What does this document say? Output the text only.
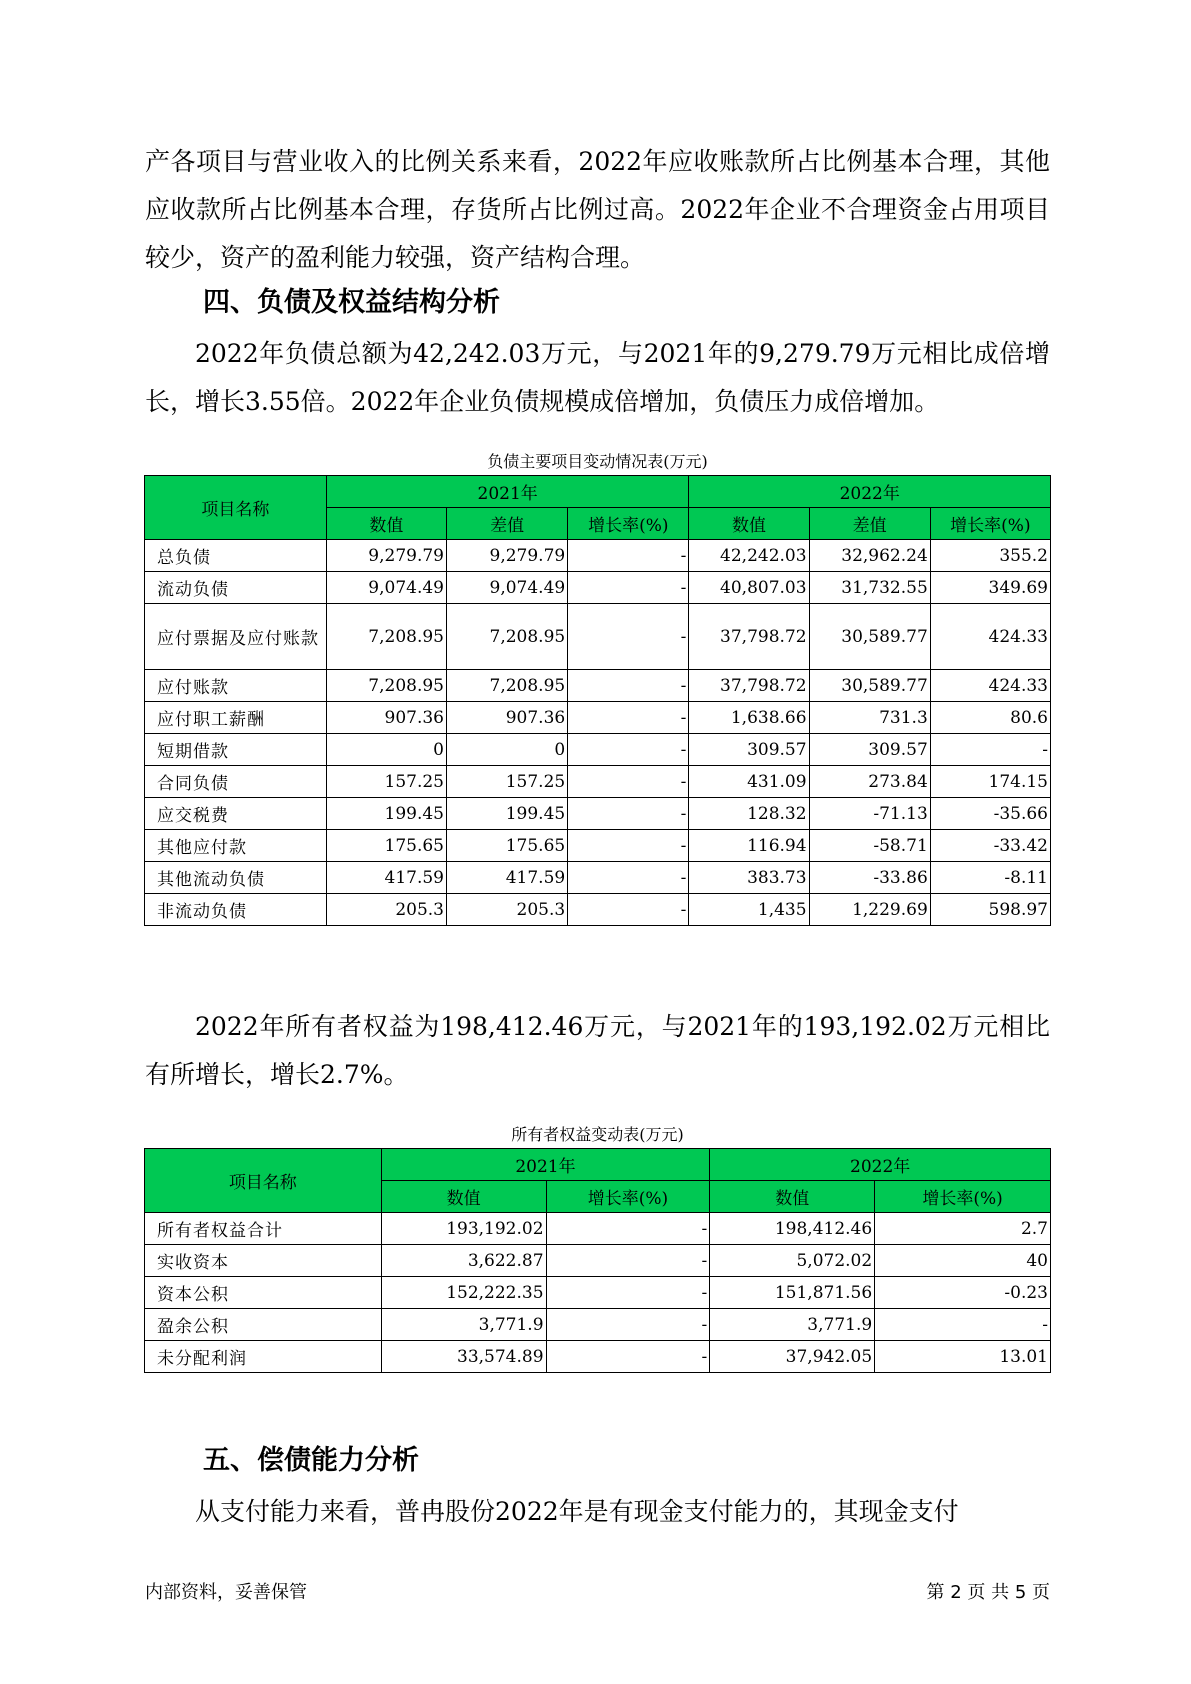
产各项目与营业收入的比例关系来看，2022年应收账款所占比例基本合理，其他应收款所占比例基本合理，存货所占比例过高。2022年企业不合理资金占用项目较少，资产的盈利能力较强，资产结构合理。

四、负债及权益结构分析

2022年负债总额为42,242.03万元，与2021年的9,279.79万元相比成倍增长，增长3.55倍。2022年企业负债规模成倍增加，负债压力成倍增加。

负债主要项目变动情况表(万元)

项目名称	2021年			2022年		
	数值	差值	增长率(%)	数值	差值	增长率(%)
总负债	9,279.79	9,279.79	-	42,242.03	32,962.24	355.2
流动负债	9,074.49	9,074.49	-	40,807.03	31,732.55	349.69
应付票据及应付账款	7,208.95	7,208.95	-	37,798.72	30,589.77	424.33
应付账款	7,208.95	7,208.95	-	37,798.72	30,589.77	424.33
应付职工薪酬	907.36	907.36	-	1,638.66	731.3	80.6
短期借款	0	0	-	309.57	309.57	-
合同负债	157.25	157.25	-	431.09	273.84	174.15
应交税费	199.45	199.45	-	128.32	-71.13	-35.66
其他应付款	175.65	175.65	-	116.94	-58.71	-33.42
其他流动负债	417.59	417.59	-	383.73	-33.86	-8.11
非流动负债	205.3	205.3	-	1,435	1,229.69	598.97

2022年所有者权益为198,412.46万元，与2021年的193,192.02万元相比有所增长，增长2.7%。

所有者权益变动表(万元)

项目名称	2021年		2022年	
	数值	增长率(%)	数值	增长率(%)
所有者权益合计	193,192.02	-	198,412.46	2.7
实收资本	3,622.87	-	5,072.02	40
资本公积	152,222.35	-	151,871.56	-0.23
盈余公积	3,771.9	-	3,771.9	-
未分配利润	33,574.89	-	37,942.05	13.01
五、偿债能力分析

从支付能力来看，普冉股份2022年是有现金支付能力的，其现金支付

内部资料，妥善保管	第 2 页 共 5 页
